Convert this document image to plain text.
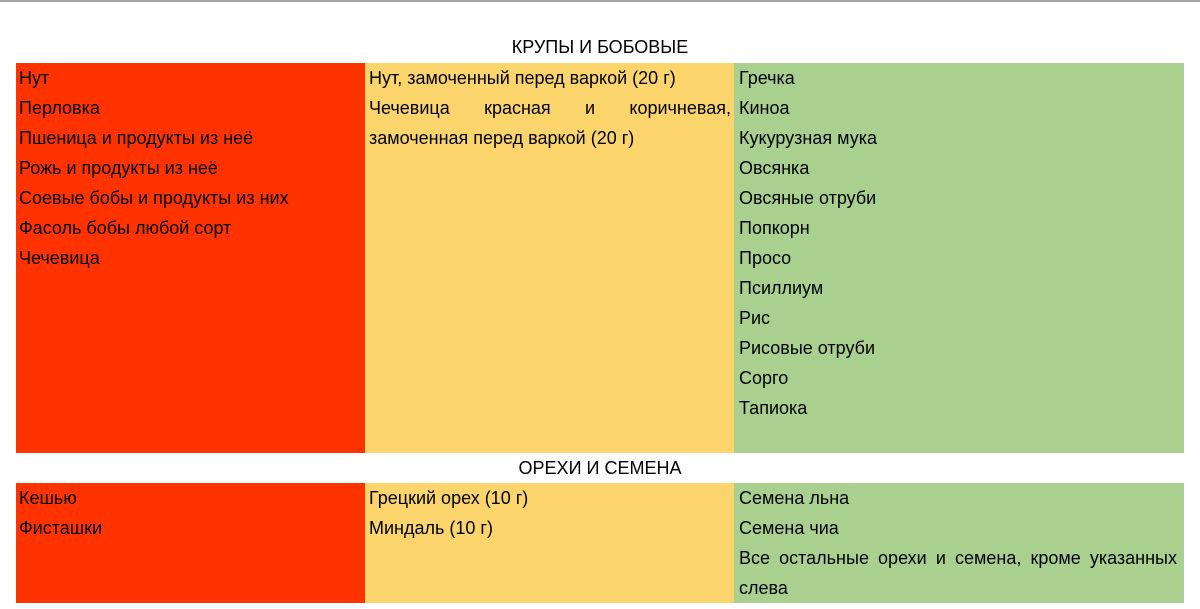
КРУПЫ И БОБОВЫЕ
Нут
Перловка
Пшеница и продукты из неё
Рожь и продукты из неё
Соевые бобы и продукты из них
Фасоль бобы любой сорт
Чечевица
Нут, замоченный перед варкой (20 г)
Чечевица красная и коричневая, замоченная перед варкой (20 г)
Гречка
Киноа
Кукурузная мука
Овсянка
Овсяные отруби
Попкорн
Просо
Псиллиум
Рис
Рисовые отруби
Сорго
Тапиока
ОРЕХИ И СЕМЕНА
Кешью
Фисташки
Грецкий орех (10 г)
Миндаль (10 г)
Семена льна
Семена чиа
Все остальные орехи и семена, кроме указанных слева
